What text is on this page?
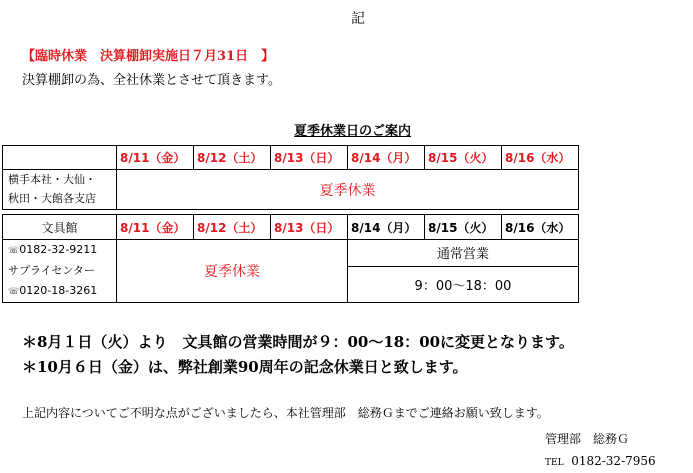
記
【臨時休業　決算棚卸実施日７月31日　】
決算棚卸の為、全社休業とさせて頂きます。
夏季休業日のご案内
	8/11（金）	8/12（土）	8/13（日）	8/14（月）	8/15（火）	8/16（水）

横手本社・大仙・
秋田・大館各支店	夏季休業					
文具館	8/11（金）	8/12（土）	8/13（日）	8/14（月）	8/15（火）	8/16（水）

☏0182-32-9211
サプライセンター
☏0120-18-3261	夏季休業			通常営業		
				9：00〜18：00		
＊8月１日（火）より　文具館の営業時間が９：00〜18：00に変更となります。
＊10月６日（金）は、弊社創業90周年の記念休業日と致します。
上記内容についてご不明な点がございましたら、本社管理部　総務Ｇまでご連絡お願い致します。
管理部　総務Ｇ
TEL 0182-32-7956
